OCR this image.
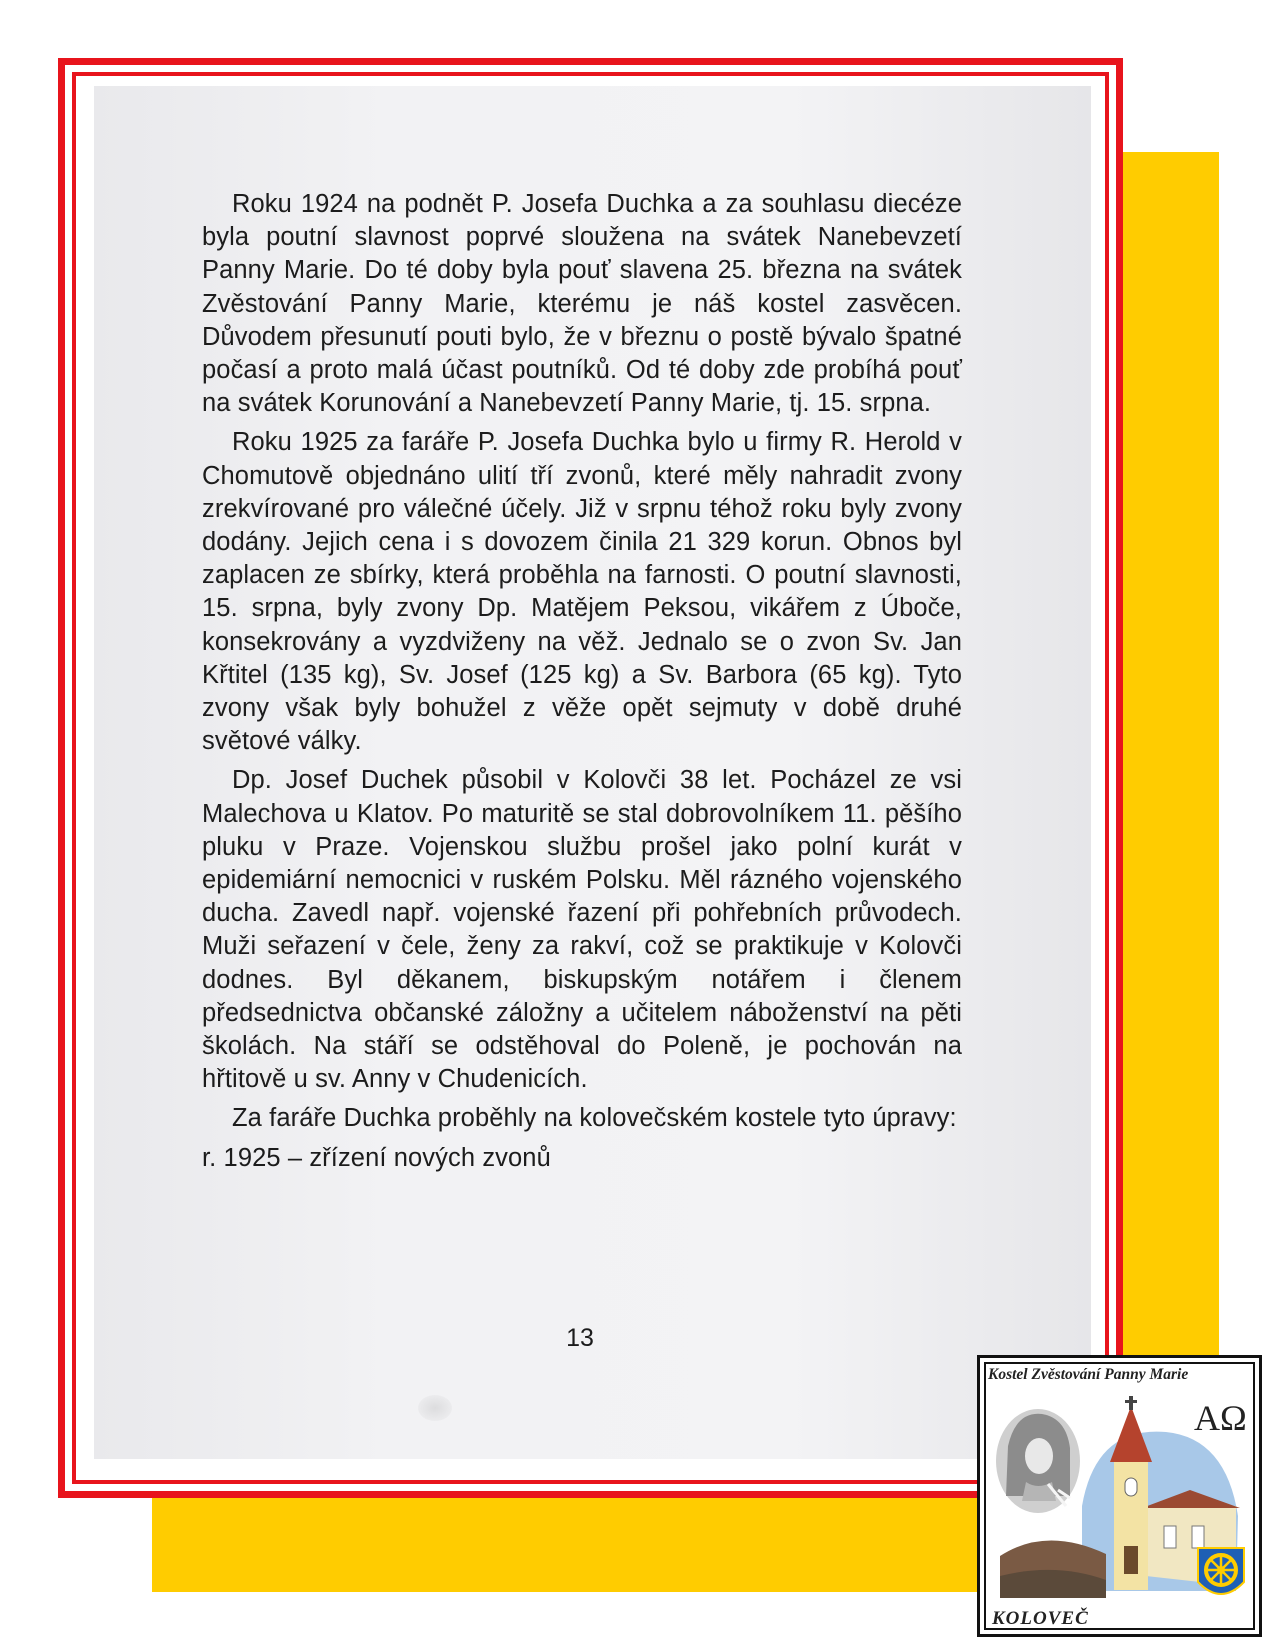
Roku 1924 na podnět P. Josefa Duchka a za souhlasu diecéze byla poutní slavnost poprvé sloužena na svátek Nanebevzetí Panny Marie. Do té doby byla pouť slavena 25. března na svátek Zvěstování Panny Marie, kterému je náš kostel zasvěcen. Důvodem přesunutí pouti bylo, že v březnu o postě bývalo špatné počasí a proto malá účast poutníků. Od té doby zde probíhá pouť na svátek Korunování a Nanebevzetí Panny Marie, tj. 15. srpna.

Roku 1925 za faráře P. Josefa Duchka bylo u firmy R. Herold v Chomutově objednáno ulití tří zvonů, které měly nahradit zvony zrekvírované pro válečné účely. Již v srpnu téhož roku byly zvony dodány. Jejich cena i s dovozem činila 21 329 korun. Obnos byl zaplacen ze sbírky, která proběhla na farnosti. O poutní slavnosti, 15. srpna, byly zvony Dp. Matějem Peksou, vikářem z Úboče, konsekrovány a vyzdviženy na věž. Jednalo se o zvon Sv. Jan Křtitel (135 kg), Sv. Josef (125 kg) a Sv. Barbora (65 kg). Tyto zvony však byly bohužel z věže opět sejmuty v době druhé světové války.

Dp. Josef Duchek působil v Kolovči 38 let. Pocházel ze vsi Malechova u Klatov. Po maturitě se stal dobrovolníkem 11. pěšího pluku v Praze. Vojenskou službu prošel jako polní kurát v epidemiární nemocnici v ruském Polsku. Měl rázného vojenského ducha. Zavedl např. vojenské řazení při pohřebních průvodech. Muži seřazení v čele, ženy za rakví, což se praktikuje v Kolovči dodnes. Byl děkanem, biskupským notářem i členem předsednictva občanské záložny a učitelem náboženství na pěti školách. Na stáří se odstěhoval do Poleně, je pochován na hřtitově u sv. Anny v Chudenicích.

Za faráře Duchka proběhly na kolovečském kostele tyto úpravy:

r. 1925 – zřízení nových zvonů

13
Kostel Zvěstování Panny Marie
AΩ
KOLOVEČ
